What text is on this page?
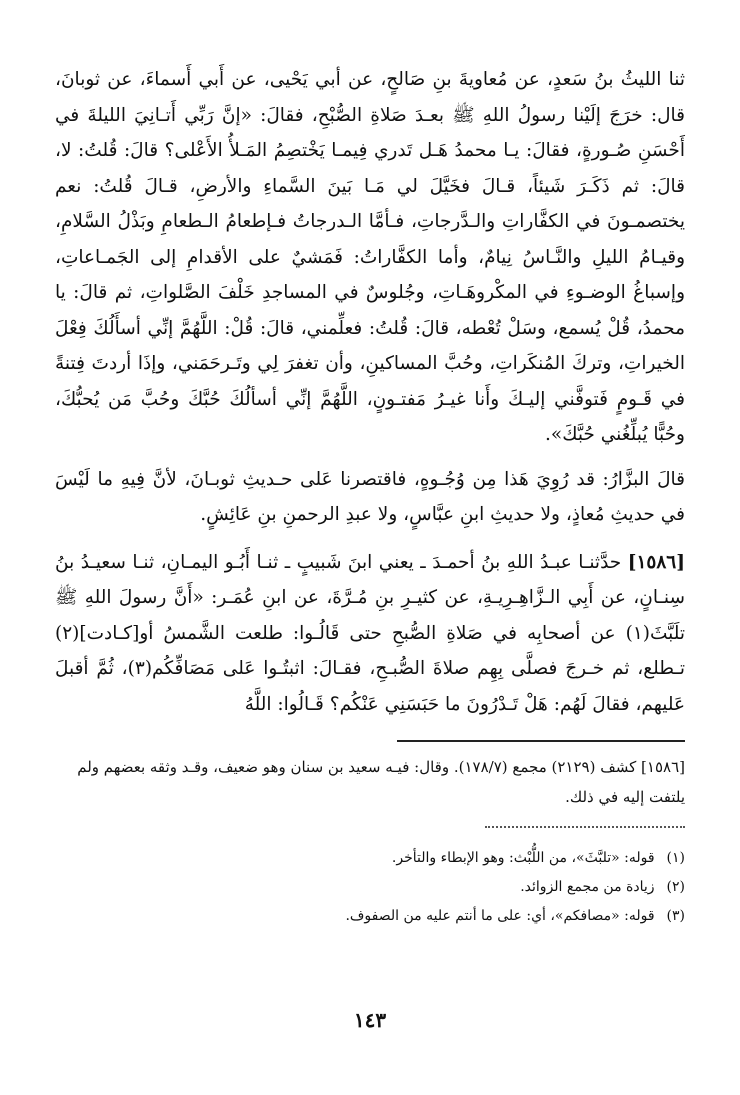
ثنا الليثُ بنُ سَعدٍ، عن مُعاويةَ بنِ صَالحٍ، عن أبي يَحْيى، عن أَبي أَسماءَ، عن ثوبانَ، قال: خرَجَ إلَيْنا رسولُ اللهِ ﷺ بعـدَ صَلاةِ الصُّبْحِ، فقالَ: «إنَّ رَبِّي أَتـانِيَ الليلةَ في أَحْسَنِ صُـورةٍ، فقالَ: يـا محمدُ هَـل تَدري فِيمـا يَخْتصِمُ المَـلأُ الأَعْلى؟ قالَ: قُلتُ: لا، قالَ: ثم ذَكَـرَ شَيئاً، قـالَ فخَيَّلَ لي مَـا بَينَ السَّماءِ والأرضِ، قـالَ قُلتُ: نعم يختصمـونَ في الكفَّاراتِ والـدَّرجاتِ، فـأمَّا الـدرجاتُ فـإطعامُ الـطعامِ وبَذْلُ السَّلامِ، وقيـامُ الليلِ والنَّـاسُ نِيامٌ، وأما الكفَّاراتُ: فَمَشيٌ على الأقدامِ إلى الجَمـاعاتِ، وإسباغُ الوضـوءِ في المكْروهَـاتِ، وجُلوسٌ في المساجدِ خَلْفَ الصَّلواتِ، ثم قالَ: يا محمدُ، قُلْ يُسمع، وسَلْ تُعْطه، قالَ: قُلتُ: فعلِّمني، قالَ: قُلْ: اللَّهُمَّ إنِّي أسأَلُكَ فِعْلَ الخيراتِ، وتركَ المُنكَراتِ، وحُبَّ المساكينِ، وأن تغفرَ لِي وتَـرحَمَني، وإذَا أردتَ فِتنةً في قَـومٍ فَتوفَّني إليـكَ وأَنا غيـرُ مَفتـونٍ، اللَّهُمَّ إنِّي أسألُكَ حُبَّكَ وحُبَّ مَن يُحبُّكَ، وحُبًّا يُبلِّغُني حُبَّكَ».

قالَ البزَّارُ: قد رُوِيَ هَذا مِن وُجُـوهٍ، فاقتصرنا عَلى حـديثِ ثوبـانَ، لأنَّ فِيهِ ما لَيْسَ في حديثِ مُعاذٍ، ولا حديثِ ابنِ عبَّاسٍ، ولا عبدِ الرحمنِ بنِ عَائِشٍ.

[١٥٨٦] حدَّثنـا عبـدُ اللهِ بنُ أحمـدَ ـ يعني ابنَ شَبيبٍ ـ ثنـا أَبُـو اليمـانِ، ثنـا سعيـدُ بنُ سِنـانٍ، عن أَبِي الـزَّاهِـرِيـةِ، عن كثيـرِ بنِ مُـرَّةَ، عن ابنِ عُمَـر: «أَنَّ رسولَ اللهِ ﷺ تلَبَّثَ(١) عن أصحابِه في صَلاةِ الصُّبحِ حتى قَالُـوا: طلعت الشَّمسُ أو[كـادت](٢) تـطلع، ثم خـرجَ فصلَّى بِهِم صلاةَ الصُّبـحِ، فقـالَ: اثبتُـوا عَلى مَصَافِّكُم(٣)، ثُمَّ أقبلَ عَليهم، فقالَ لَهُم: هَلْ تَـدْرُونَ ما حَبَسَنِي عَنْكُم؟ قَـالُوا: اللَّهُ

[١٥٨٦] كشف (٢١٢٩) مجمع (١٧٨/٧). وقال: فيـه سعيد بن سنان وهو ضعيف، وقـد وثقه بعضهم ولم يلتفت إليه في ذلك.

(١)قوله: «تلبَّثَ»، من اللُّبْث: وهو الإبطاء والتأخر.

(٢)زيادة من مجمع الزوائد.

(٣)قوله: «مصافكم»، أي: على ما أنتم عليه من الصفوف.

١٤٣
